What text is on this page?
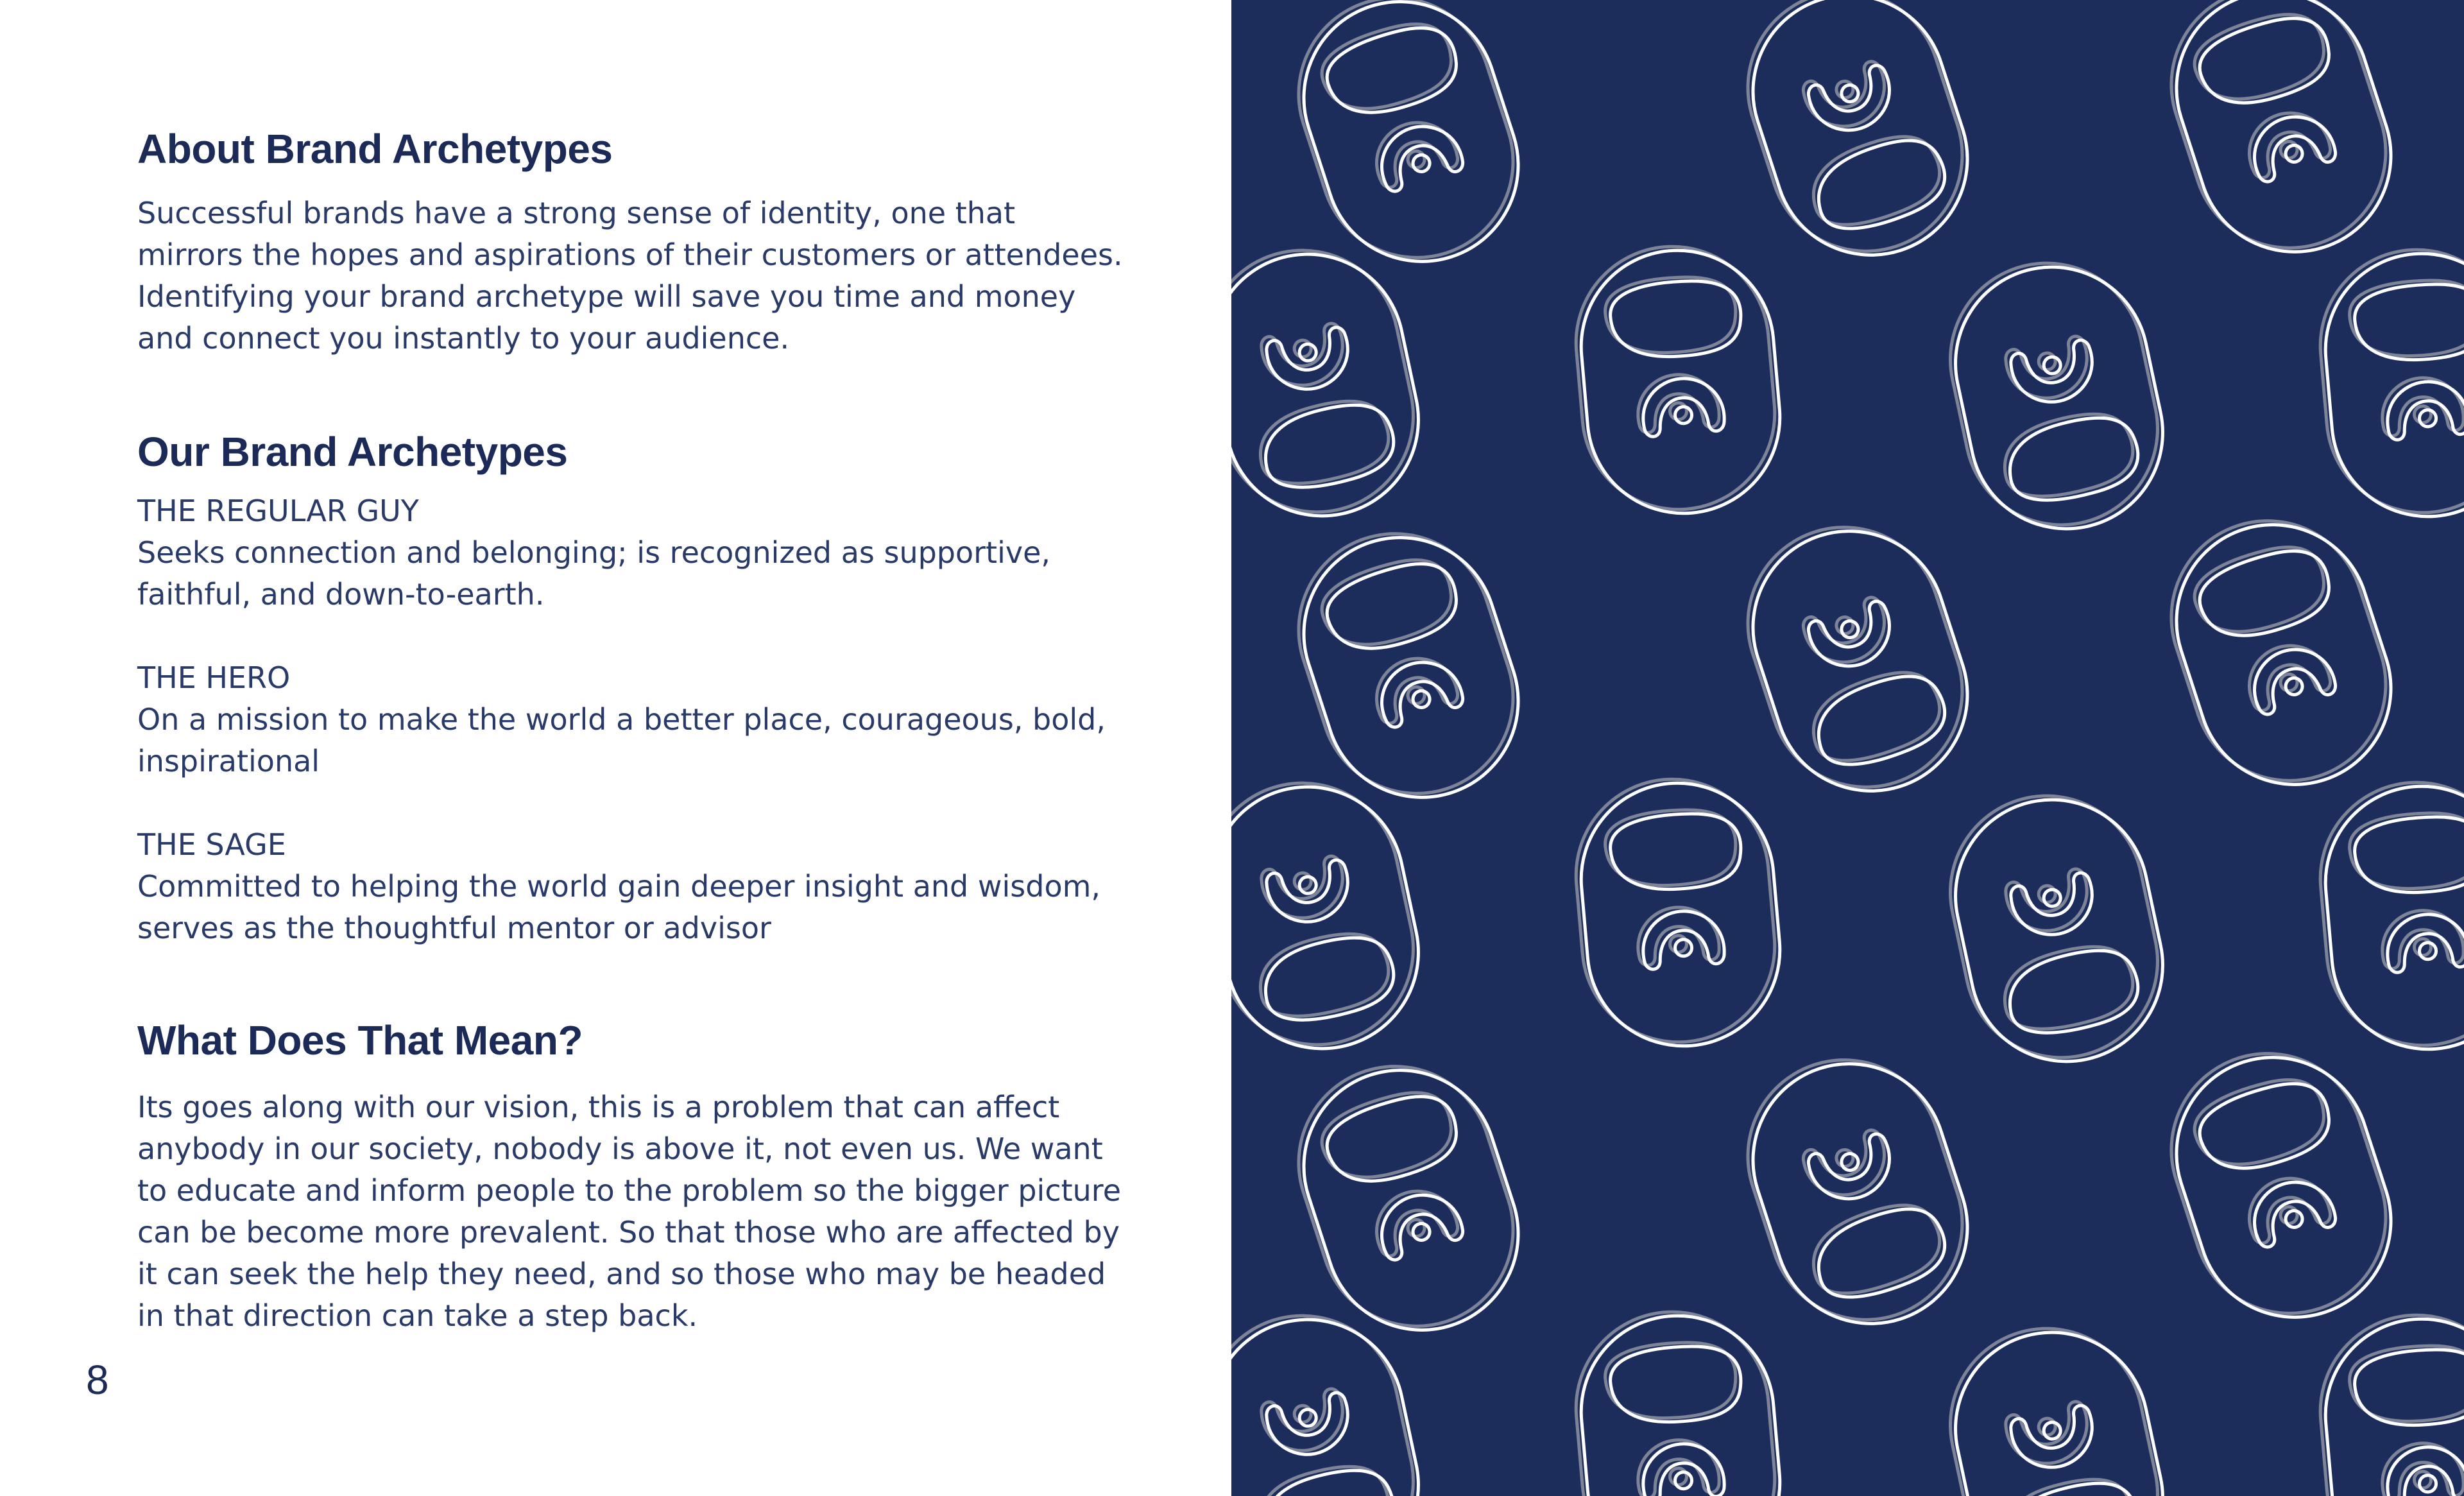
About Brand Archetypes

Successful brands have a strong sense of identity, one that mirrors the hopes and aspirations of their customers or attendees. Identifying your brand archetype will save you time and money and connect you instantly to your audience.

Our Brand Archetypes
THE REGULAR GUY

Seeks connection and belonging; is recognized as supportive, faithful, and down-to-earth.

THE HERO

On a mission to make the world a better place, courageous, bold, inspirational

THE SAGE

Committed to helping the world gain deeper insight and wisdom, serves as the thoughtful mentor or advisor

What Does That Mean?

Its goes along with our vision, this is a problem that can affect anybody in our society, nobody is above it, not even us. We want to educate and inform people to the problem so the bigger picture can be become more prevalent. So that those who are affected by it can seek the help they need, and so those who may be headed in that direction can take a step back.

8
